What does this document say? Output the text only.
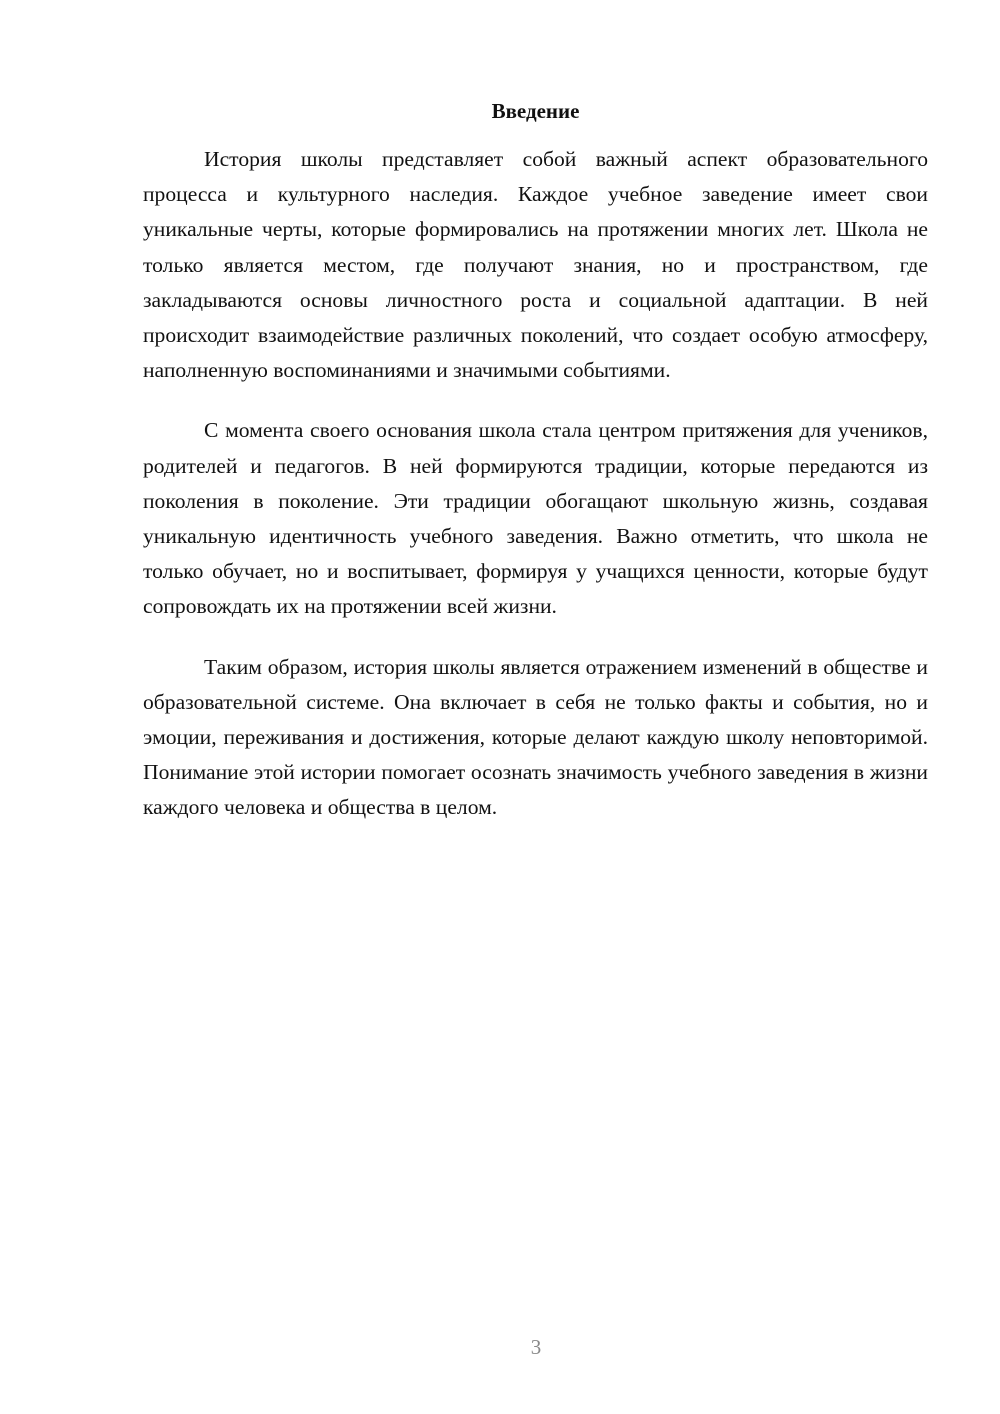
Введение

История школы представляет собой важный аспект образовательного процесса и культурного наследия. Каждое учебное заведение имеет свои уникальные черты, которые формировались на протяжении многих лет. Школа не только является местом, где получают знания, но и пространством, где закладываются основы личностного роста и социальной адаптации. В ней происходит взаимодействие различных поколений, что создает особую атмосферу, наполненную воспоминаниями и значимыми событиями.

С момента своего основания школа стала центром притяжения для учеников, родителей и педагогов. В ней формируются традиции, которые передаются из поколения в поколение. Эти традиции обогащают школьную жизнь, создавая уникальную идентичность учебного заведения. Важно отметить, что школа не только обучает, но и воспитывает, формируя у учащихся ценности, которые будут сопровождать их на протяжении всей жизни.

Таким образом, история школы является отражением изменений в обществе и образовательной системе. Она включает в себя не только факты и события, но и эмоции, переживания и достижения, которые делают каждую школу неповторимой. Понимание этой истории помогает осознать значимость учебного заведения в жизни каждого человека и общества в целом.

3
